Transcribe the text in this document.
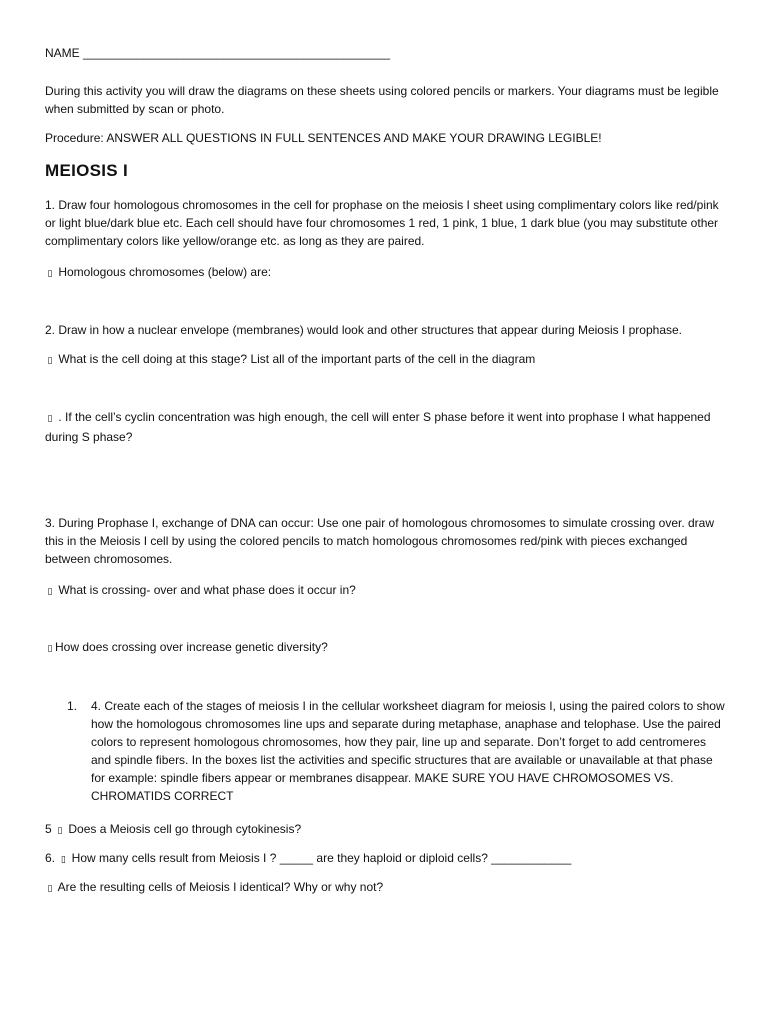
NAME ______________________________________________

During this activity you will draw the diagrams on these sheets using colored pencils or markers. Your diagrams must be legible when submitted by scan or photo.

Procedure: ANSWER ALL QUESTIONS IN FULL SENTENCES AND MAKE YOUR DRAWING LEGIBLE!

MEIOSIS I

1. Draw four homologous chromosomes in the cell for prophase on the meiosis I sheet using complimentary colors like red/pink or light blue/dark blue etc. Each cell should have four chromosomes 1 red, 1 pink, 1 blue, 1 dark blue (you may substitute other complimentary colors like yellow/orange etc. as long as they are paired.

▯ Homologous chromosomes (below) are:

2. Draw in how a nuclear envelope (membranes) would look and other structures that appear during Meiosis I prophase.

▯ What is the cell doing at this stage? List all of the important parts of the cell in the diagram

▯ . If the cell’s cyclin concentration was high enough, the cell will enter S phase before it went into prophase I what happened during S phase?

3. During Prophase I, exchange of DNA can occur: Use one pair of homologous chromosomes to simulate crossing over. draw this in the Meiosis I cell by using the colored pencils to match homologous chromosomes red/pink with pieces exchanged between chromosomes.

▯ What is crossing- over and what phase does it occur in?

▯ How does crossing over increase genetic diversity?

1. 4. Create each of the stages of meiosis I in the cellular worksheet diagram for meiosis I, using the paired colors to show how the homologous chromosomes line ups and separate during metaphase, anaphase and telophase. Use the paired colors to represent homologous chromosomes, how they pair, line up and separate. Don’t forget to add centromeres and spindle fibers. In the boxes list the activities and specific structures that are available or unavailable at that phase for example: spindle fibers appear or membranes disappear. MAKE SURE YOU HAVE CHROMOSOMES VS. CHROMATIDS CORRECT

5 ▯ Does a Meiosis cell go through cytokinesis?

6. ▯ How many cells result from Meiosis I ? _____ are they haploid or diploid cells? ____________

▯ Are the resulting cells of Meiosis I identical? Why or why not?
